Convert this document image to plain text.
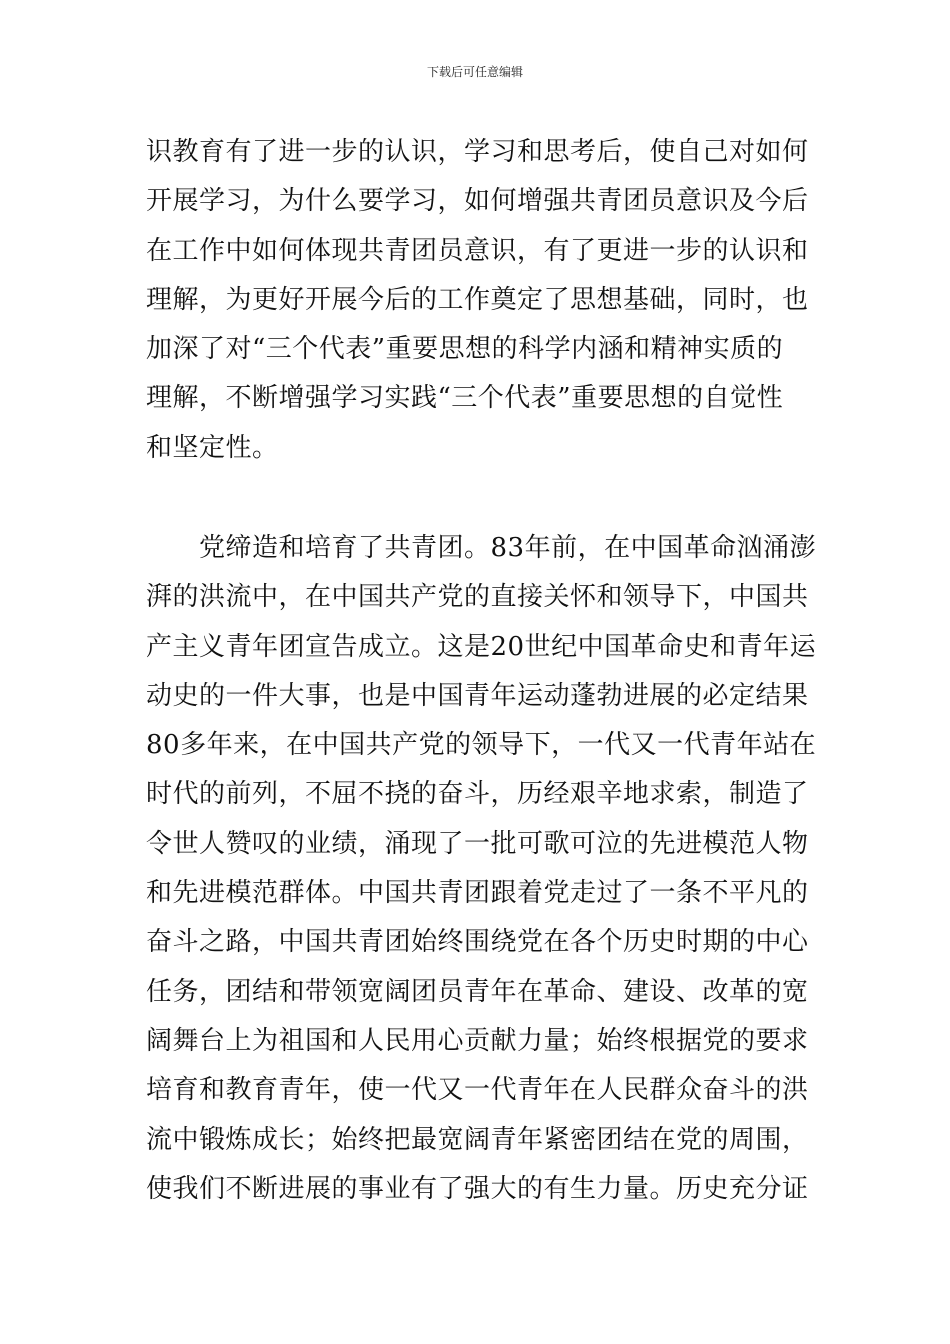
下载后可任意编辑
识教育有了进一步的认识，学习和思考后，使自己对如何
开展学习，为什么要学习，如何增强共青团员意识及今后
在工作中如何体现共青团员意识，有了更进一步的认识和
理解，为更好开展今后的工作奠定了思想基础，同时，也
加深了对“三个代表”重要思想的科学内涵和精神实质的
理解，不断增强学习实践“三个代表”重要思想的自觉性
和坚定性。
　　党缔造和培育了共青团。83年前，在中国革命汹涌澎
湃的洪流中，在中国共产党的直接关怀和领导下，中国共
产主义青年团宣告成立。这是20世纪中国革命史和青年运
动史的一件大事，也是中国青年运动蓬勃进展的必定结果
80多年来，在中国共产党的领导下，一代又一代青年站在
时代的前列，不屈不挠的奋斗，历经艰辛地求索，制造了
令世人赞叹的业绩，涌现了一批可歌可泣的先进模范人物
和先进模范群体。中国共青团跟着党走过了一条不平凡的
奋斗之路，中国共青团始终围绕党在各个历史时期的中心
任务，团结和带领宽阔团员青年在革命、建设、改革的宽
阔舞台上为祖国和人民用心贡献力量；始终根据党的要求
培育和教育青年，使一代又一代青年在人民群众奋斗的洪
流中锻炼成长；始终把最宽阔青年紧密团结在党的周围，
使我们不断进展的事业有了强大的有生力量。历史充分证
